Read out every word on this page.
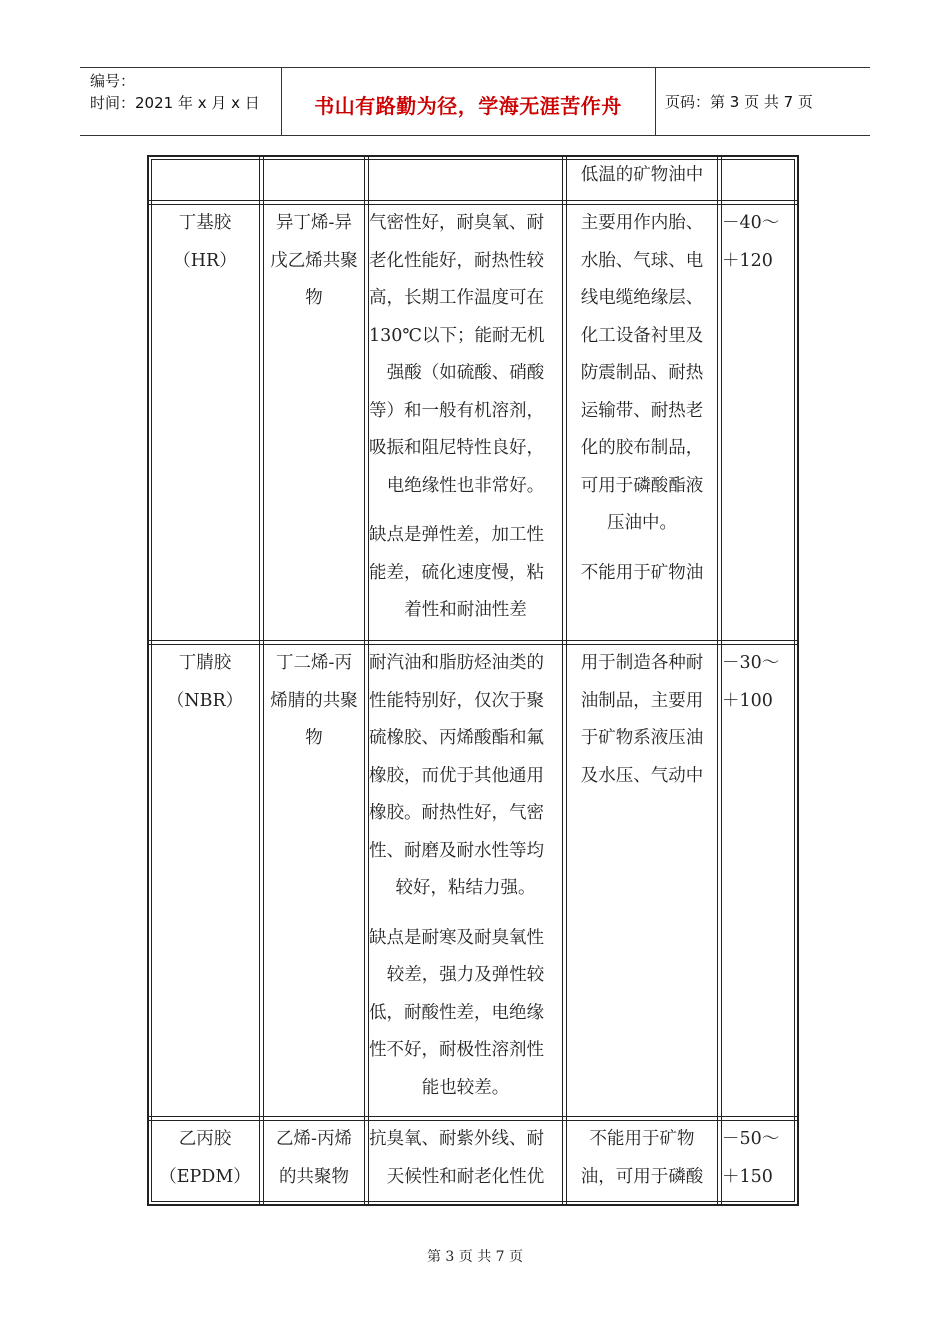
编号：
时间：2021 年 x 月 x 日	书山有路勤为径，学海无涯苦作舟	页码：第 3 页 共 7 页
低温的矿物油中
丁基胶
（HR）
异丁烯-异
戊乙烯共聚
物
气密性好，耐臭氧、耐
老化性能好，耐热性较
高，长期工作温度可在
130℃以下；能耐无机
强酸（如硫酸、硝酸
等）和一般有机溶剂，
吸振和阻尼特性良好，
电绝缘性也非常好。
缺点是弹性差，加工性
能差，硫化速度慢，粘
着性和耐油性差
主要用作内胎、
水胎、气球、电
线电缆绝缘层、
化工设备衬里及
防震制品、耐热
运输带、耐热老
化的胶布制品，
可用于磷酸酯液
压油中。
不能用于矿物油
－40～
＋120
丁腈胶
（NBR）
丁二烯-丙
烯腈的共聚
物
耐汽油和脂肪烃油类的
性能特别好，仅次于聚
硫橡胶、丙烯酸酯和氟
橡胶，而优于其他通用
橡胶。耐热性好，气密
性、耐磨及耐水性等均
较好，粘结力强。
缺点是耐寒及耐臭氧性
较差，强力及弹性较
低，耐酸性差，电绝缘
性不好，耐极性溶剂性
能也较差。
用于制造各种耐
油制品，主要用
于矿物系液压油
及水压、气动中
－30～
＋100
乙丙胶
（EPDM）
乙烯-丙烯
的共聚物
抗臭氧、耐紫外线、耐
天候性和耐老化性优
不能用于矿物
油，可用于磷酸
－50～
＋150
第 3 页 共 7 页
